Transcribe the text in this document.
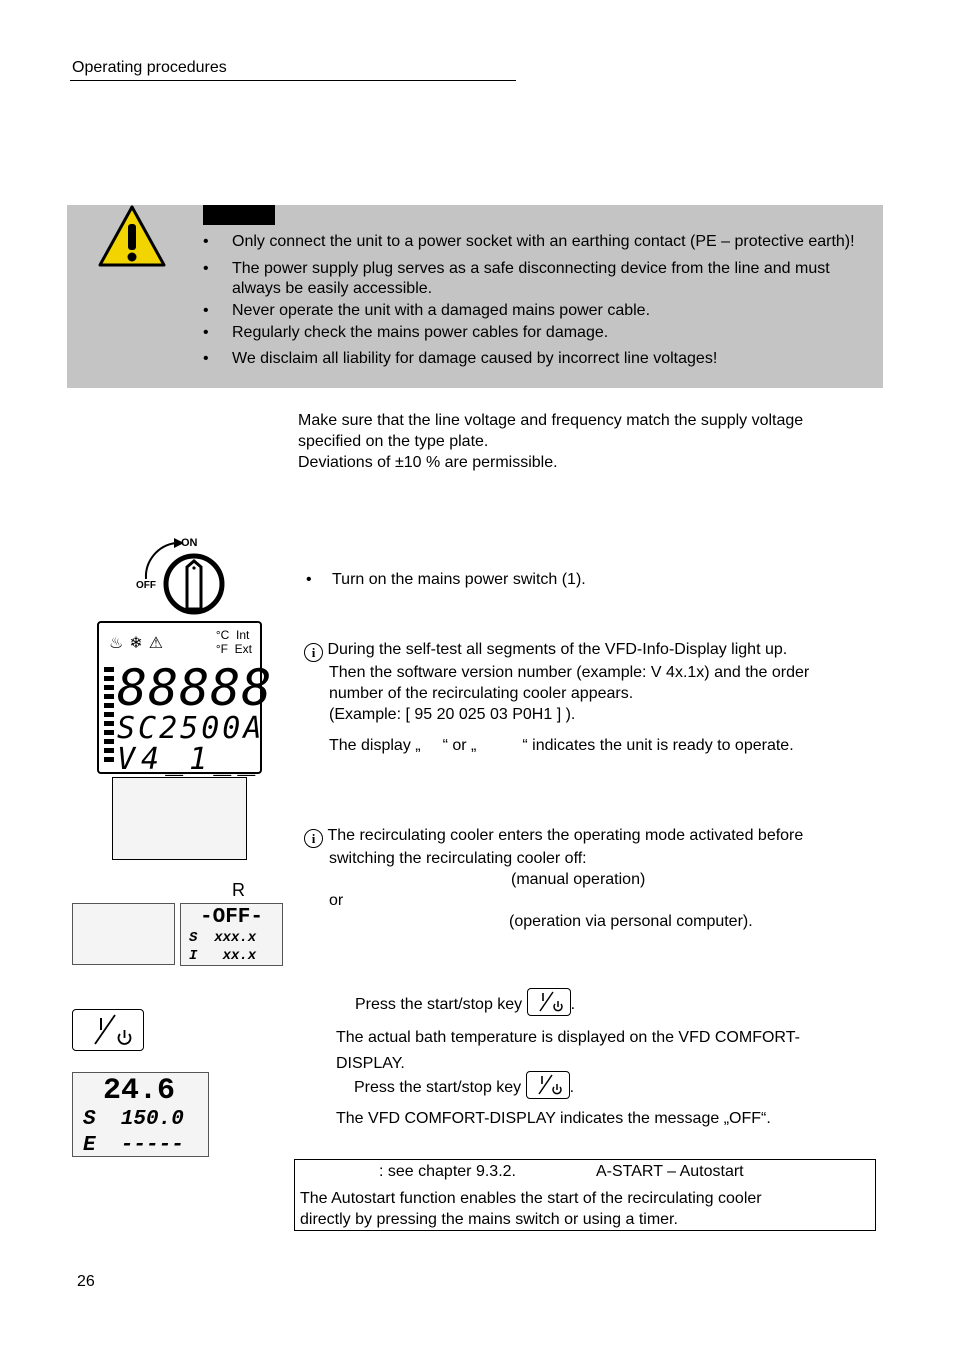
Operating procedures
• Only connect the unit to a power socket with an earthing contact (PE – protective earth)!
• The power supply plug serves as a safe disconnecting device from the line and must always be easily accessible.
• Never operate the unit with a damaged mains power cable.
• Regularly check the mains power cables for damage.
• We disclaim all liability for damage caused by incorrect line voltages!
Make sure that the line voltage and frequency match the supply voltage
specified on the type plate.
Deviations of ±10 % are permissible.
ON
OFF
•	Turn on the mains power switch (1).
♨❄⚠	°C Int
°F Ext
88888
SC2500A
V4_1__
i During the self-test all segments of the VFD-Info-Display light up.
Then the software version number (example: V 4x.1x) and the order
number of the recirculating cooler appears.
(Example: [ 95 20 025 03 P0H1 ] ).
The display „ “ or „	“ indicates the unit is ready to operate.
i The recirculating cooler enters the operating mode activated before
switching the recirculating cooler off:
(manual operation)
or
(operation via personal computer).
R
-OFF-
S  xxx.x
I   xx.x
Press the start/stop key	.
The actual bath temperature is displayed on the VFD COMFORT-
DISPLAY.
Press the start/stop key	.
The VFD COMFORT-DISPLAY indicates the message „OFF“.
24.6
S  150.0
E  -----
: see chapter 9.3.2.	A-START – Autostart
The Autostart function enables the start of the recirculating cooler
directly by pressing the mains switch or using a timer.
26
